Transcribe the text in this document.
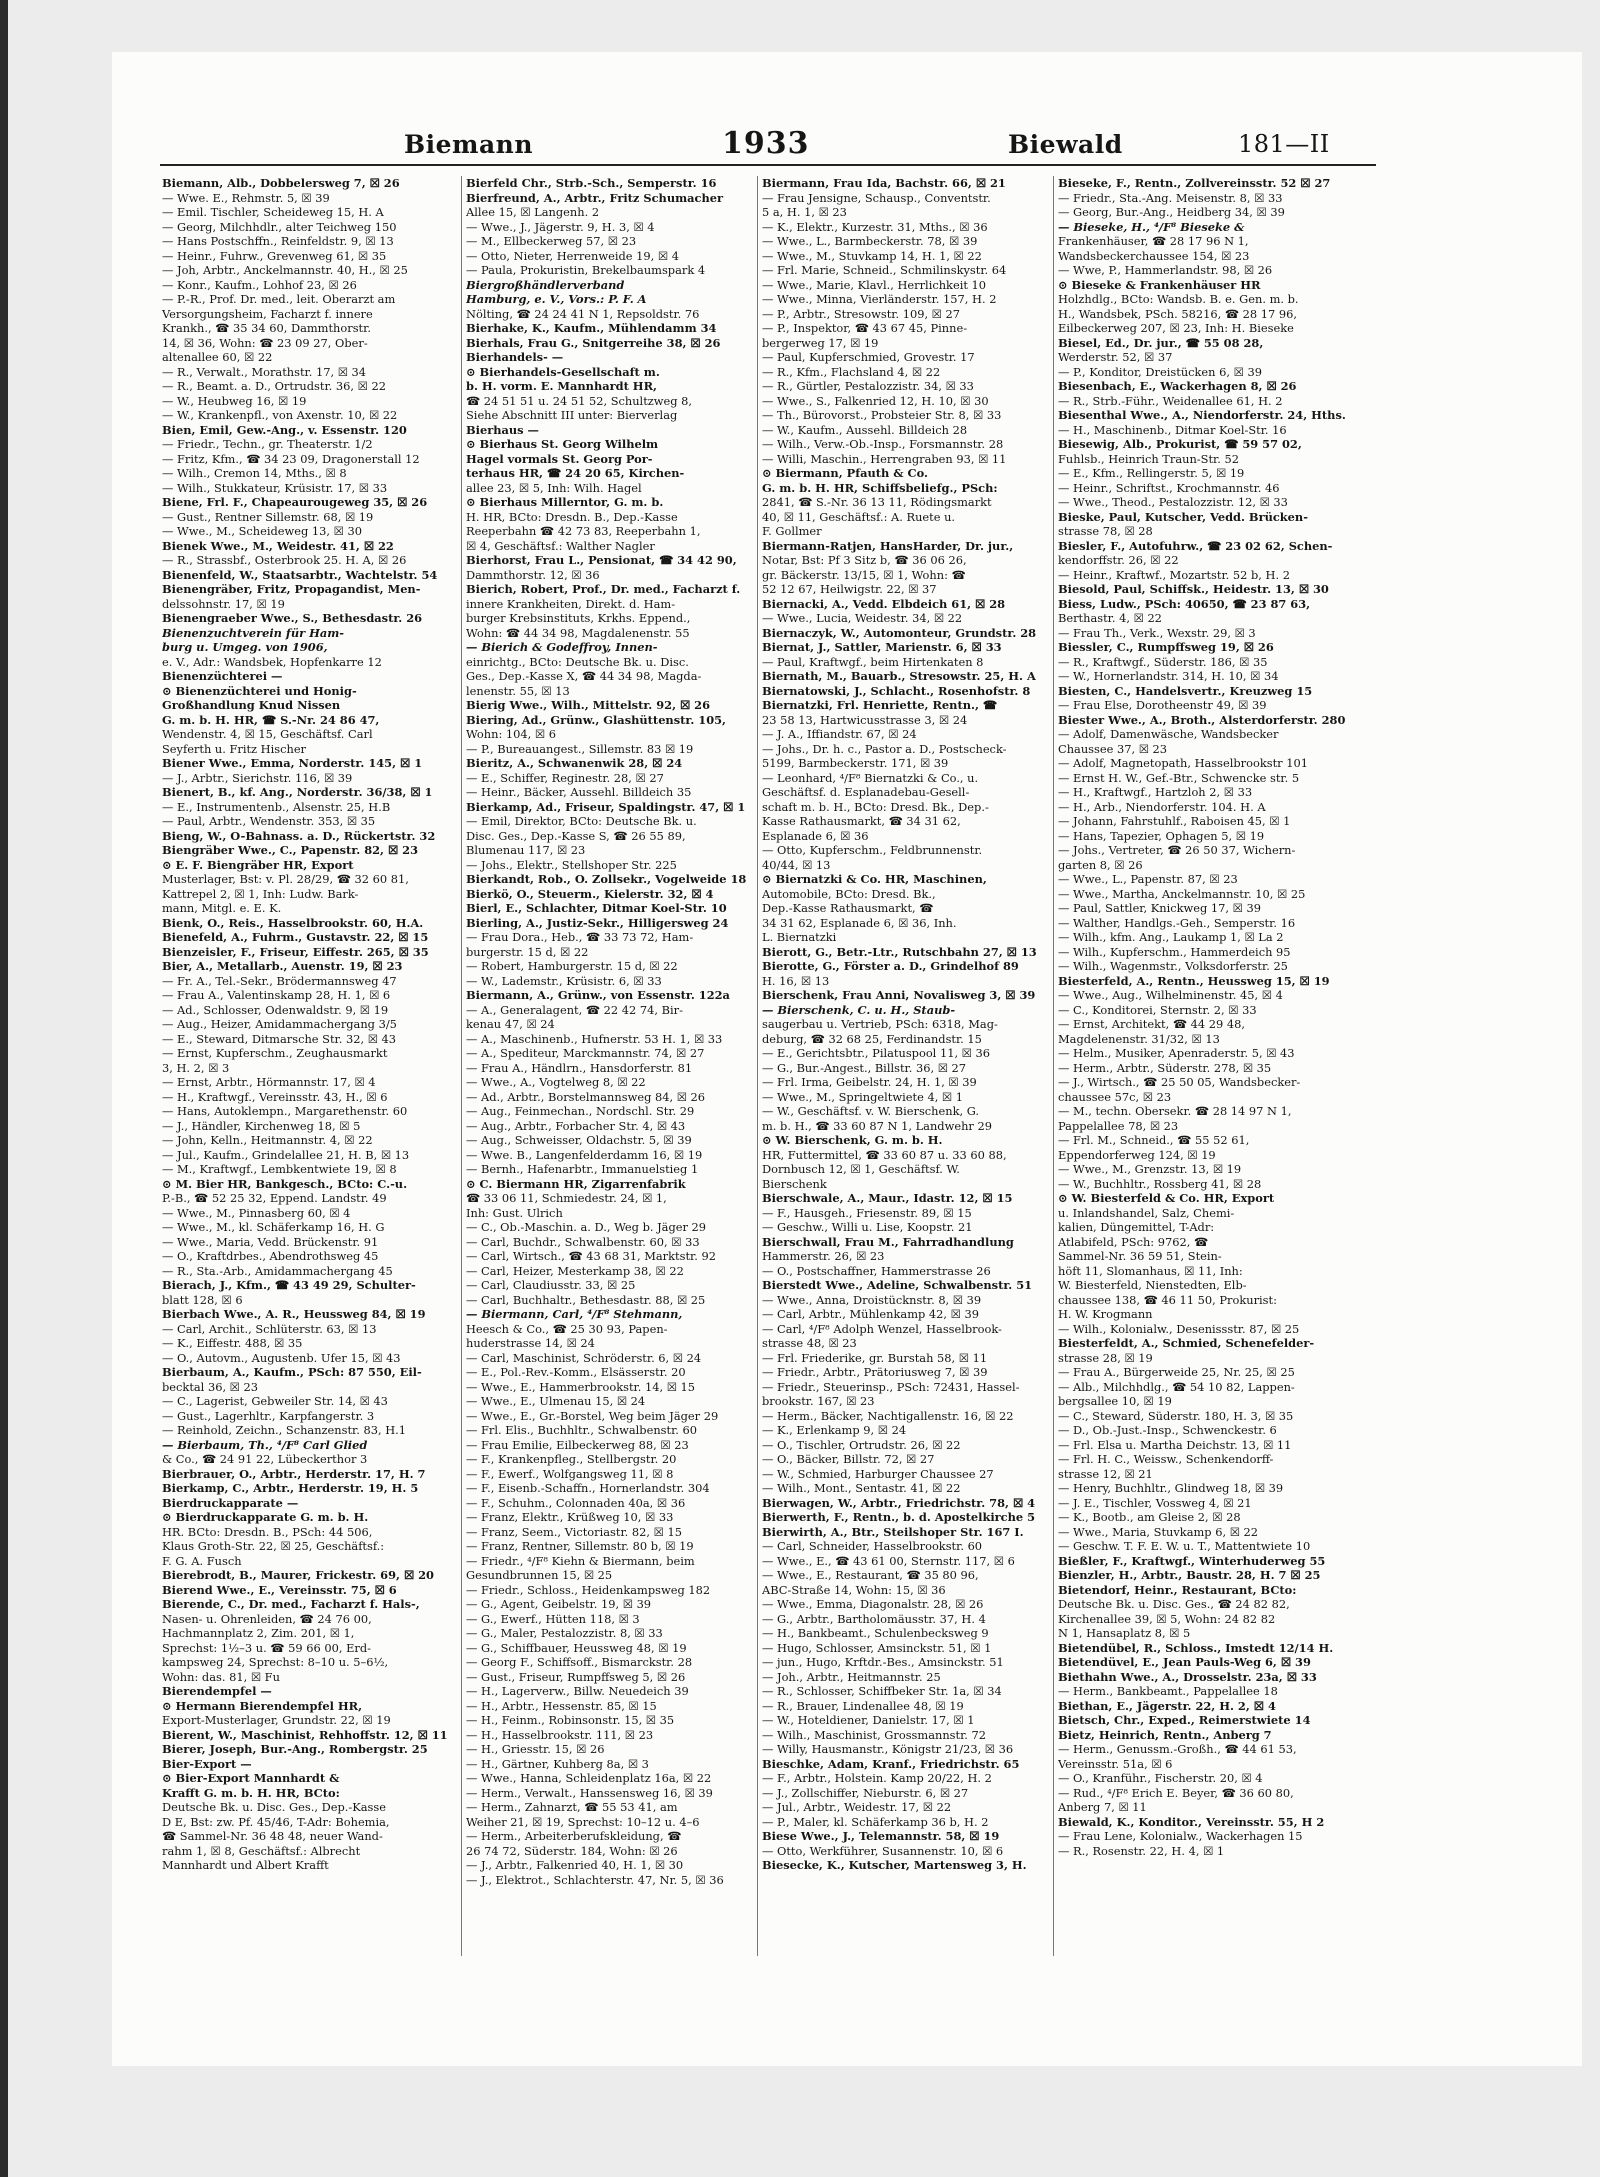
Biemann	1933	Biewald	181—II
Biemann, Alb., Dobbelersweg 7, ☒ 26
— Wwe. E., Rehmstr. 5, ☒ 39
— Emil. Tischler, Scheideweg 15, H. A
— Georg, Milchhdlr., alter Teichweg 150
— Hans Postschffn., Reinfeldstr. 9, ☒ 13
— Heinr., Fuhrw., Grevenweg 61, ☒ 35
— Joh, Arbtr., Anckelmannstr. 40, H., ☒ 25
— Konr., Kaufm., Lohhof 23, ☒ 26
— P.-R., Prof. Dr. med., leit. Oberarzt am
Versorgungsheim, Facharzt f. innere
Krankh., ☎ 35 34 60, Dammthorstr.
14, ☒ 36, Wohn: ☎ 23 09 27, Ober-
altenallee 60, ☒ 22
— R., Verwalt., Morathstr. 17, ☒ 34
— R., Beamt. a. D., Ortrudstr. 36, ☒ 22
— W., Heubweg 16, ☒ 19
— W., Krankenpfl., von Axenstr. 10, ☒ 22
Bien, Emil, Gew.-Ang., v. Essenstr. 120
— Friedr., Techn., gr. Theaterstr. 1/2
— Fritz, Kfm., ☎ 34 23 09, Dragonerstall 12
— Wilh., Cremon 14, Mths., ☒ 8
— Wilh., Stukkateur, Krüsistr. 17, ☒ 33
Biene, Frl. F., Chapeaurougeweg 35, ☒ 26
— Gust., Rentner Sillemstr. 68, ☒ 19
— Wwe., M., Scheideweg 13, ☒ 30
Bienek Wwe., M., Weidestr. 41, ☒ 22
— R., Strassbf., Osterbrook 25. H. A, ☒ 26
Bienenfeld, W., Staatsarbtr., Wachtelstr. 54
Bienengräber, Fritz, Propagandist, Men-
delssohnstr. 17, ☒ 19
Bienengraeber Wwe., S., Bethesdastr. 26
Bienenzuchtverein für Ham-
burg u. Umgeg. von 1906,
e. V., Adr.: Wandsbek, Hopfenkarre 12
Bienenzüchterei —
⊙ Bienenzüchterei und Honig-
Großhandlung Knud Nissen
G. m. b. H. HR, ☎ S.-Nr. 24 86 47,
Wendenstr. 4, ☒ 15, Geschäftsf. Carl
Seyferth u. Fritz Hischer
Biener Wwe., Emma, Norderstr. 145, ☒ 1
— J., Arbtr., Sierichstr. 116, ☒ 39
Bienert, B., kf. Ang., Norderstr. 36/38, ☒ 1
— E., Instrumentenb., Alsenstr. 25, H.B
— Paul, Arbtr., Wendenstr. 353, ☒ 35
Bieng, W., O-Bahnass. a. D., Rückertstr. 32
Biengräber Wwe., C., Papenstr. 82, ☒ 23
⊙ E. F. Biengräber HR, Export
Musterlager, Bst: v. Pl. 28/29, ☎ 32 60 81,
Kattrepel 2, ☒ 1, Inh: Ludw. Bark-
mann, Mitgl. e. E. K.
Bienk, O., Reis., Hasselbrookstr. 60, H.A.
Bienefeld, A., Fuhrm., Gustavstr. 22, ☒ 15
Bienzeisler, F., Friseur, Eiffestr. 265, ☒ 35
Bier, A., Metallarb., Auenstr. 19, ☒ 23
— Fr. A., Tel.-Sekr., Brödermannsweg 47
— Frau A., Valentinskamp 28, H. 1, ☒ 6
— Ad., Schlosser, Odenwaldstr. 9, ☒ 19
— Aug., Heizer, Amidammachergang 3/5
— E., Steward, Ditmarsche Str. 32, ☒ 43
— Ernst, Kupferschm., Zeughausmarkt
3, H. 2, ☒ 3
— Ernst, Arbtr., Hörmannstr. 17, ☒ 4
— H., Kraftwgf., Vereinsstr. 43, H., ☒ 6
— Hans, Autoklempn., Margarethenstr. 60
— J., Händler, Kirchenweg 18, ☒ 5
— John, Kelln., Heitmannstr. 4, ☒ 22
— Jul., Kaufm., Grindelallee 21, H. B, ☒ 13
— M., Kraftwgf., Lembkentwiete 19, ☒ 8
⊙ M. Bier HR, Bankgesch., BCto: C.-u.
P.-B., ☎ 52 25 32, Eppend. Landstr. 49
— Wwe., M., Pinnasberg 60, ☒ 4
— Wwe., M., kl. Schäferkamp 16, H. G
— Wwe., Maria, Vedd. Brückenstr. 91
— O., Kraftdrbes., Abendrothsweg 45
— R., Sta.-Arb., Amidammachergang 45
Bierach, J., Kfm., ☎ 43 49 29, Schulter-
blatt 128, ☒ 6
Bierbach Wwe., A. R., Heussweg 84, ☒ 19
— Carl, Archit., Schlüterstr. 63, ☒ 13
— K., Eiffestr. 488, ☒ 35
— O., Autovm., Augustenb. Ufer 15, ☒ 43
Bierbaum, A., Kaufm., PSch: 87 550, Eil-
becktal 36, ☒ 23
— C., Lagerist, Gebweiler Str. 14, ☒ 43
— Gust., Lagerhltr., Karpfangerstr. 3
— Reinhold, Zeichn., Schanzenstr. 83, H.1
— Bierbaum, Th., ⁴/F⁸ Carl Glied
& Co., ☎ 24 91 22, Lübeckerthor 3
Bierbrauer, O., Arbtr., Herderstr. 17, H. 7
Bierkamp, C., Arbtr., Herderstr. 19, H. 5
Bierdruckapparate —
⊙ Bierdruckapparate G. m. b. H.
HR. BCto: Dresdn. B., PSch: 44 506,
Klaus Groth-Str. 22, ☒ 25, Geschäftsf.:
F. G. A. Fusch
Bierebrodt, B., Maurer, Frickestr. 69, ☒ 20
Bierend Wwe., E., Vereinsstr. 75, ☒ 6
Bierende, C., Dr. med., Facharzt f. Hals-,
Nasen- u. Ohrenleiden, ☎ 24 76 00,
Hachmannplatz 2, Zim. 201, ☒ 1,
Sprechst: 1½–3 u. ☎ 59 66 00, Erd-
kampsweg 24, Sprechst: 8–10 u. 5–6½,
Wohn: das. 81, ☒ Fu
Bierendempfel —
⊙ Hermann Bierendempfel HR,
Export-Musterlager, Grundstr. 22, ☒ 19
Bierent, W., Maschinist, Rehhoffstr. 12, ☒ 11
Bierer, Joseph, Bur.-Ang., Rombergstr. 25
Bier-Export —
⊙ Bier-Export Mannhardt &
Krafft G. m. b. H. HR, BCto:
Deutsche Bk. u. Disc. Ges., Dep.-Kasse
D E, Bst: zw. Pf. 45/46, T-Adr: Bohemia,
☎ Sammel-Nr. 36 48 48, neuer Wand-
rahm 1, ☒ 8, Geschäftsf.: Albrecht
Mannhardt und Albert Krafft
Bierfeld Chr., Strb.-Sch., Semperstr. 16
Bierfreund, A., Arbtr., Fritz Schumacher
Allee 15, ☒ Langenh. 2
— Wwe., J., Jägerstr. 9, H. 3, ☒ 4
— M., Ellbeckerweg 57, ☒ 23
— Otto, Nieter, Herrenweide 19, ☒ 4
— Paula, Prokuristin, Brekelbaumspark 4
Biergroßhändlerverband
Hamburg, e. V., Vors.: P. F. A
Nölting, ☎ 24 24 41 N 1, Repsoldstr. 76
Bierhake, K., Kaufm., Mühlendamm 34
Bierhals, Frau G., Snitgerreihe 38, ☒ 26
Bierhandels- —
⊙ Bierhandels-Gesellschaft m.
b. H. vorm. E. Mannhardt HR,
☎ 24 51 51 u. 24 51 52, Schultzweg 8,
Siehe Abschnitt III unter: Bierverlag
Bierhaus —
⊙ Bierhaus St. Georg Wilhelm
Hagel vormals St. Georg Por-
terhaus HR, ☎ 24 20 65, Kirchen-
allee 23, ☒ 5, Inh: Wilh. Hagel
⊙ Bierhaus Millerntor, G. m. b.
H. HR, BCto: Dresdn. B., Dep.-Kasse
Reeperbahn ☎ 42 73 83, Reeperbahn 1,
☒ 4, Geschäftsf.: Walther Nagler
Bierhorst, Frau L., Pensionat, ☎ 34 42 90,
Dammthorstr. 12, ☒ 36
Bierich, Robert, Prof., Dr. med., Facharzt f.
innere Krankheiten, Direkt. d. Ham-
burger Krebsinstituts, Krkhs. Eppend.,
Wohn: ☎ 44 34 98, Magdalenenstr. 55
— Bierich & Godeffroy, Innen-
einrichtg., BCto: Deutsche Bk. u. Disc.
Ges., Dep.-Kasse X, ☎ 44 34 98, Magda-
lenenstr. 55, ☒ 13
Bierig Wwe., Wilh., Mittelstr. 92, ☒ 26
Biering, Ad., Grünw., Glashüttenstr. 105,
Wohn: 104, ☒ 6
— P., Bureauangest., Sillemstr. 83 ☒ 19
Bieritz, A., Schwanenwik 28, ☒ 24
— E., Schiffer, Reginestr. 28, ☒ 27
— Heinr., Bäcker, Aussehl. Billdeich 35
Bierkamp, Ad., Friseur, Spaldingstr. 47, ☒ 1
— Emil, Direktor, BCto: Deutsche Bk. u.
Disc. Ges., Dep.-Kasse S, ☎ 26 55 89,
Blumenau 117, ☒ 23
— Johs., Elektr., Stellshoper Str. 225
Bierkandt, Rob., O. Zollsekr., Vogelweide 18
Bierkö, O., Steuerm., Kielerstr. 32, ☒ 4
Bierl, E., Schlachter, Ditmar Koel-Str. 10
Bierling, A., Justiz-Sekr., Hilligersweg 24
— Frau Dora., Heb., ☎ 33 73 72, Ham-
burgerstr. 15 d, ☒ 22
— Robert, Hamburgerstr. 15 d, ☒ 22
— W., Lademstr., Krüsistr. 6, ☒ 33
Biermann, A., Grünw., von Essenstr. 122a
— A., Generalagent, ☎ 22 42 74, Bir-
kenau 47, ☒ 24
— A., Maschinenb., Hufnerstr. 53 H. 1, ☒ 33
— A., Spediteur, Marckmannstr. 74, ☒ 27
— Frau A., Händlrn., Hansdorferstr. 81
— Wwe., A., Vogtelweg 8, ☒ 22
— Ad., Arbtr., Borstelmannsweg 84, ☒ 26
— Aug., Feinmechan., Nordschl. Str. 29
— Aug., Arbtr., Forbacher Str. 4, ☒ 43
— Aug., Schweisser, Oldachstr. 5, ☒ 39
— Wwe. B., Langenfelderdamm 16, ☒ 19
— Bernh., Hafenarbtr., Immanuelstieg 1
⊙ C. Biermann HR, Zigarrenfabrik
☎ 33 06 11, Schmiedestr. 24, ☒ 1,
Inh: Gust. Ulrich
— C., Ob.-Maschin. a. D., Weg b. Jäger 29
— Carl, Buchdr., Schwalbenstr. 60, ☒ 33
— Carl, Wirtsch., ☎ 43 68 31, Marktstr. 92
— Carl, Heizer, Mesterkamp 38, ☒ 22
— Carl, Claudiusstr. 33, ☒ 25
— Carl, Buchhaltr., Bethesdastr. 88, ☒ 25
— Biermann, Carl, ⁴/F⁸ Stehmann,
Heesch & Co., ☎ 25 30 93, Papen-
huderstrasse 14, ☒ 24
— Carl, Maschinist, Schröderstr. 6, ☒ 24
— E., Pol.-Rev.-Komm., Elsässerstr. 20
— Wwe., E., Hammerbrookstr. 14, ☒ 15
— Wwe., E., Ulmenau 15, ☒ 24
— Wwe., E., Gr.-Borstel, Weg beim Jäger 29
— Frl. Elis., Buchhltr., Schwalbenstr. 60
— Frau Emilie, Eilbeckerweg 88, ☒ 23
— F., Krankenpfleg., Stellbergstr. 20
— F., Ewerf., Wolfgangsweg 11, ☒ 8
— F., Eisenb.-Schaffn., Hornerlandstr. 304
— F., Schuhm., Colonnaden 40a, ☒ 36
— Franz, Elektr., Krüßweg 10, ☒ 33
— Franz, Seem., Victoriastr. 82, ☒ 15
— Franz, Rentner, Sillemstr. 80 b, ☒ 19
— Friedr., ⁴/F⁸ Kiehn & Biermann, beim
Gesundbrunnen 15, ☒ 25
— Friedr., Schloss., Heidenkampsweg 182
— G., Agent, Geibelstr. 19, ☒ 39
— G., Ewerf., Hütten 118, ☒ 3
— G., Maler, Pestalozzistr. 8, ☒ 33
— G., Schiffbauer, Heussweg 48, ☒ 19
— Georg F., Schiffsoff., Bismarckstr. 28
— Gust., Friseur, Rumpffsweg 5, ☒ 26
— H., Lagerverw., Billw. Neuedeich 39
— H., Arbtr., Hessenstr. 85, ☒ 15
— H., Feinm., Robinsonstr. 15, ☒ 35
— H., Hasselbrookstr. 111, ☒ 23
— H., Griesstr. 15, ☒ 26
— H., Gärtner, Kuhberg 8a, ☒ 3
— Wwe., Hanna, Schleidenplatz 16a, ☒ 22
— Herm., Verwalt., Hanssensweg 16, ☒ 39
— Herm., Zahnarzt, ☎ 55 53 41, am
Weiher 21, ☒ 19, Sprechst: 10–12 u. 4–6
— Herm., Arbeiterberufskleidung, ☎
26 74 72, Süderstr. 184, Wohn: ☒ 26
— J., Arbtr., Falkenried 40, H. 1, ☒ 30
— J., Elektrot., Schlachterstr. 47, Nr. 5, ☒ 36
Biermann, Frau Ida, Bachstr. 66, ☒ 21
— Frau Jensigne, Schausp., Conventstr.
5 a, H. 1, ☒ 23
— K., Elektr., Kurzestr. 31, Mths., ☒ 36
— Wwe., L., Barmbeckerstr. 78, ☒ 39
— Wwe., M., Stuvkamp 14, H. 1, ☒ 22
— Frl. Marie, Schneid., Schmilinskystr. 64
— Wwe., Marie, Klavl., Herrlichkeit 10
— Wwe., Minna, Vierländerstr. 157, H. 2
— P., Arbtr., Stresowstr. 109, ☒ 27
— P., Inspektor, ☎ 43 67 45, Pinne-
bergerweg 17, ☒ 19
— Paul, Kupferschmied, Grovestr. 17
— R., Kfm., Flachsland 4, ☒ 22
— R., Gürtler, Pestalozzistr. 34, ☒ 33
— Wwe., S., Falkenried 12, H. 10, ☒ 30
— Th., Bürovorst., Probsteier Str. 8, ☒ 33
— W., Kaufm., Aussehl. Billdeich 28
— Wilh., Verw.-Ob.-Insp., Forsmannstr. 28
— Willi, Maschin., Herrengraben 93, ☒ 11
⊙ Biermann, Pfauth & Co.
G. m. b. H. HR, Schiffsbeliefg., PSch:
2841, ☎ S.-Nr. 36 13 11, Rödingsmarkt
40, ☒ 11, Geschäftsf.: A. Ruete u.
F. Gollmer
Biermann-Ratjen, HansHarder, Dr. jur.,
Notar, Bst: Pf 3 Sitz b, ☎ 36 06 26,
gr. Bäckerstr. 13/15, ☒ 1, Wohn: ☎
52 12 67, Heilwigstr. 22, ☒ 37
Biernacki, A., Vedd. Elbdeich 61, ☒ 28
— Wwe., Lucia, Weidestr. 34, ☒ 22
Biernaczyk, W., Automonteur, Grundstr. 28
Biernat, J., Sattler, Marienstr. 6, ☒ 33
— Paul, Kraftwgf., beim Hirtenkaten 8
Biernath, M., Bauarb., Stresowstr. 25, H. A
Biernatowski, J., Schlacht., Rosenhofstr. 8
Biernatzki, Frl. Henriette, Rentn., ☎
23 58 13, Hartwicusstrasse 3, ☒ 24
— J. A., Iffiandstr. 67, ☒ 24
— Johs., Dr. h. c., Pastor a. D., Postscheck-
5199, Barmbeckerstr. 171, ☒ 39
— Leonhard, ⁴/F⁸ Biernatzki & Co., u.
Geschäftsf. d. Esplanadebau-Gesell-
schaft m. b. H., BCto: Dresd. Bk., Dep.-
Kasse Rathausmarkt, ☎ 34 31 62,
Esplanade 6, ☒ 36
— Otto, Kupferschm., Feldbrunnenstr.
40/44, ☒ 13
⊙ Biernatzki & Co. HR, Maschinen,
Automobile, BCto: Dresd. Bk.,
Dep.-Kasse Rathausmarkt, ☎
34 31 62, Esplanade 6, ☒ 36, Inh.
L. Biernatzki
Bierott, G., Betr.-Ltr., Rutschbahn 27, ☒ 13
Bierotte, G., Förster a. D., Grindelhof 89
H. 16, ☒ 13
Bierschenk, Frau Anni, Novalisweg 3, ☒ 39
— Bierschenk, C. u. H., Staub-
saugerbau u. Vertrieb, PSch: 6318, Mag-
deburg, ☎ 32 68 25, Ferdinandstr. 15
— E., Gerichtsbtr., Pilatuspool 11, ☒ 36
— G., Bur.-Angest., Billstr. 36, ☒ 27
— Frl. Irma, Geibelstr. 24, H. 1, ☒ 39
— Wwe., M., Springeltwiete 4, ☒ 1
— W., Geschäftsf. v. W. Bierschenk, G.
m. b. H., ☎ 33 60 87 N 1, Landwehr 29
⊙ W. Bierschenk, G. m. b. H.
HR, Futtermittel, ☎ 33 60 87 u. 33 60 88,
Dornbusch 12, ☒ 1, Geschäftsf. W.
Bierschenk
Bierschwale, A., Maur., Idastr. 12, ☒ 15
— F., Hausgeh., Friesenstr. 89, ☒ 15
— Geschw., Willi u. Lise, Koopstr. 21
Bierschwall, Frau M., Fahrradhandlung
Hammerstr. 26, ☒ 23
— O., Postschaffner, Hammerstrasse 26
Bierstedt Wwe., Adeline, Schwalbenstr. 51
— Wwe., Anna, Droistücknstr. 8, ☒ 39
— Carl, Arbtr., Mühlenkamp 42, ☒ 39
— Carl, ⁴/F⁸ Adolph Wenzel, Hasselbrook-
strasse 48, ☒ 23
— Frl. Friederike, gr. Burstah 58, ☒ 11
— Friedr., Arbtr., Prätoriusweg 7, ☒ 39
— Friedr., Steuerinsp., PSch: 72431, Hassel-
brookstr. 167, ☒ 23
— Herm., Bäcker, Nachtigallenstr. 16, ☒ 22
— K., Erlenkamp 9, ☒ 24
— O., Tischler, Ortrudstr. 26, ☒ 22
— O., Bäcker, Billstr. 72, ☒ 27
— W., Schmied, Harburger Chaussee 27
— Wilh., Mont., Sentastr. 41, ☒ 22
Bierwagen, W., Arbtr., Friedrichstr. 78, ☒ 4
Bierwerth, F., Rentn., b. d. Apostelkirche 5
Bierwirth, A., Btr., Steilshoper Str. 167 I.
— Carl, Schneider, Hasselbrookstr. 60
— Wwe., E., ☎ 43 61 00, Sternstr. 117, ☒ 6
— Wwe., E., Restaurant, ☎ 35 80 96,
ABC-Straße 14, Wohn: 15, ☒ 36
— Wwe., Emma, Diagonalstr. 28, ☒ 26
— G., Arbtr., Bartholomäusstr. 37, H. 4
— H., Bankbeamt., Schulenbecksweg 9
— Hugo, Schlosser, Amsinckstr. 51, ☒ 1
— jun., Hugo, Krftdr.-Bes., Amsinckstr. 51
— Joh., Arbtr., Heitmannstr. 25
— R., Schlosser, Schiffbeker Str. 1a, ☒ 34
— R., Brauer, Lindenallee 48, ☒ 19
— W., Hoteldiener, Danielstr. 17, ☒ 1
— Wilh., Maschinist, Grossmannstr. 72
— Willy, Hausmanstr., Königstr 21/23, ☒ 36
Bieschke, Adam, Kranf., Friedrichstr. 65
— F., Arbtr., Holstein. Kamp 20/22, H. 2
— J., Zollschiffer, Nieburstr. 6, ☒ 27
— Jul., Arbtr., Weidestr. 17, ☒ 22
— P., Maler, kl. Schäferkamp 36 b, H. 2
Biese Wwe., J., Telemannstr. 58, ☒ 19
— Otto, Werkführer, Susannenstr. 10, ☒ 6
Biesecke, K., Kutscher, Martensweg 3, H.
Bieseke, F., Rentn., Zollvereinsstr. 52 ☒ 27
— Friedr., Sta.-Ang. Meisenstr. 8, ☒ 33
— Georg, Bur.-Ang., Heidberg 34, ☒ 39
— Bieseke, H., ⁴/F⁸ Bieseke &
Frankenhäuser, ☎ 28 17 96 N 1,
Wandsbeckerchaussee 154, ☒ 23
— Wwe, P., Hammerlandstr. 98, ☒ 26
⊙ Bieseke & Frankenhäuser HR
Holzhdlg., BCto: Wandsb. B. e. Gen. m. b.
H., Wandsbek, PSch. 58216, ☎ 28 17 96,
Eilbeckerweg 207, ☒ 23, Inh: H. Bieseke
Biesel, Ed., Dr. jur., ☎ 55 08 28,
Werderstr. 52, ☒ 37
— P., Konditor, Dreistücken 6, ☒ 39
Biesenbach, E., Wackerhagen 8, ☒ 26
— R., Strb.-Führ., Weidenallee 61, H. 2
Biesenthal Wwe., A., Niendorferstr. 24, Hths.
— H., Maschinenb., Ditmar Koel-Str. 16
Biesewig, Alb., Prokurist, ☎ 59 57 02,
Fuhlsb., Heinrich Traun-Str. 52
— E., Kfm., Rellingerstr. 5, ☒ 19
— Heinr., Schriftst., Krochmannstr. 46
— Wwe., Theod., Pestalozzistr. 12, ☒ 33
Bieske, Paul, Kutscher, Vedd. Brücken-
strasse 78, ☒ 28
Biesler, F., Autofuhrw., ☎ 23 02 62, Schen-
kendorffstr. 26, ☒ 22
— Heinr., Kraftwf., Mozartstr. 52 b, H. 2
Biesold, Paul, Schiffsk., Heidestr. 13, ☒ 30
Biess, Ludw., PSch: 40650, ☎ 23 87 63,
Berthastr. 4, ☒ 22
— Frau Th., Verk., Wexstr. 29, ☒ 3
Biessler, C., Rumpffsweg 19, ☒ 26
— R., Kraftwgf., Süderstr. 186, ☒ 35
— W., Hornerlandstr. 314, H. 10, ☒ 34
Biesten, C., Handelsvertr., Kreuzweg 15
— Frau Else, Dorotheenstr 49, ☒ 39
Biester Wwe., A., Broth., Alsterdorferstr. 280
— Adolf, Damenwäsche, Wandsbecker
Chaussee 37, ☒ 23
— Adolf, Magnetopath, Hasselbrookstr 101
— Ernst H. W., Gef.-Btr., Schwencke str. 5
— H., Kraftwgf., Hartzloh 2, ☒ 33
— H., Arb., Niendorferstr. 104. H. A
— Johann, Fahrstuhlf., Raboisen 45, ☒ 1
— Hans, Tapezier, Ophagen 5, ☒ 19
— Johs., Vertreter, ☎ 26 50 37, Wichern-
garten 8, ☒ 26
— Wwe., L., Papenstr. 87, ☒ 23
— Wwe., Martha, Anckelmannstr. 10, ☒ 25
— Paul, Sattler, Knickweg 17, ☒ 39
— Walther, Handlgs.-Geh., Semperstr. 16
— Wilh., kfm. Ang., Laukamp 1, ☒ La 2
— Wilh., Kupferschm., Hammerdeich 95
— Wilh., Wagenmstr., Volksdorferstr. 25
Biesterfeld, A., Rentn., Heussweg 15, ☒ 19
— Wwe., Aug., Wilhelminenstr. 45, ☒ 4
— C., Konditorei, Sternstr. 2, ☒ 33
— Ernst, Architekt, ☎ 44 29 48,
Magdelenenstr. 31/32, ☒ 13
— Helm., Musiker, Apenraderstr. 5, ☒ 43
— Herm., Arbtr., Süderstr. 278, ☒ 35
— J., Wirtsch., ☎ 25 50 05, Wandsbecker-
chaussee 57c, ☒ 23
— M., techn. Obersekr. ☎ 28 14 97 N 1,
Pappelallee 78, ☒ 23
— Frl. M., Schneid., ☎ 55 52 61,
Eppendorferweg 124, ☒ 19
— Wwe., M., Grenzstr. 13, ☒ 19
— W., Buchhltr., Rossberg 41, ☒ 28
⊙ W. Biesterfeld & Co. HR, Export
u. Inlandshandel, Salz, Chemi-
kalien, Düngemittel, T-Adr:
Atlabifeld, PSch: 9762, ☎
Sammel-Nr. 36 59 51, Stein-
höft 11, Slomanhaus, ☒ 11, Inh:
W. Biesterfeld, Nienstedten, Elb-
chaussee 138, ☎ 46 11 50, Prokurist:
H. W. Krogmann
— Wilh., Kolonialw., Desenissstr. 87, ☒ 25
Biesterfeldt, A., Schmied, Schenefelder-
strasse 28, ☒ 19
— Frau A., Bürgerweide 25, Nr. 25, ☒ 25
— Alb., Milchhdlg., ☎ 54 10 82, Lappen-
bergsallee 10, ☒ 19
— C., Steward, Süderstr. 180, H. 3, ☒ 35
— D., Ob.-Just.-Insp., Schwenckestr. 6
— Frl. Elsa u. Martha Deichstr. 13, ☒ 11
— Frl. H. C., Weissw., Schenkendorff-
strasse 12, ☒ 21
— Henry, Buchhltr., Glindweg 18, ☒ 39
— J. E., Tischler, Vossweg 4, ☒ 21
— K., Bootb., am Gleise 2, ☒ 28
— Wwe., Maria, Stuvkamp 6, ☒ 22
— Geschw. T. F. E. W. u. T., Mattentwiete 10
Bießler, F., Kraftwgf., Winterhuderweg 55
Bienzler, H., Arbtr., Baustr. 28, H. 7 ☒ 25
Bietendorf, Heinr., Restaurant, BCto:
Deutsche Bk. u. Disc. Ges., ☎ 24 82 82,
Kirchenallee 39, ☒ 5, Wohn: 24 82 82
N 1, Hansaplatz 8, ☒ 5
Bietendübel, R., Schloss., Imstedt 12/14 H.
Bietendüvel, E., Jean Pauls-Weg 6, ☒ 39
Biethahn Wwe., A., Drosselstr. 23a, ☒ 33
— Herm., Bankbeamt., Pappelallee 18
Biethan, E., Jägerstr. 22, H. 2, ☒ 4
Bietsch, Chr., Exped., Reimerstwiete 14
Bietz, Heinrich, Rentn., Anberg 7
— Herm., Genussm.-Großh., ☎ 44 61 53,
Vereinsstr. 51a, ☒ 6
— O., Kranführ., Fischerstr. 20, ☒ 4
— Rud., ⁴/F⁸ Erich E. Beyer, ☎ 36 60 80,
Anberg 7, ☒ 11
Biewald, K., Konditor., Vereinsstr. 55, H 2
— Frau Lene, Kolonialw., Wackerhagen 15
— R., Rosenstr. 22, H. 4, ☒ 1
